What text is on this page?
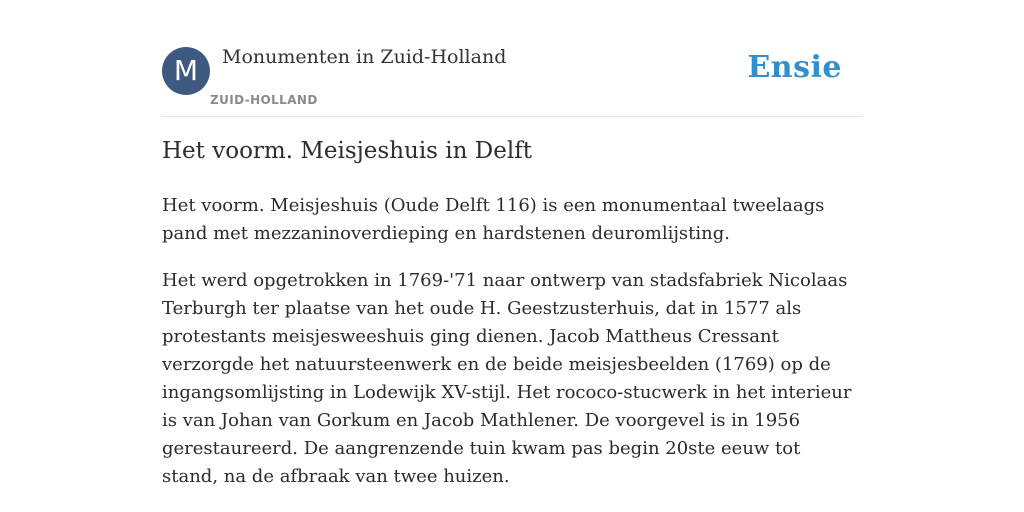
M	Monumenten in Zuid-Holland
ZUID-HOLLAND
Ensie
Het voorm. Meisjeshuis in Delft

Het voorm. Meisjeshuis (Oude Delft 116) is een monumentaal tweelaags pand met mezzaninoverdieping en hardstenen deuromlijsting.

Het werd opgetrokken in 1769-'71 naar ontwerp van stadsfabriek Nicolaas Terburgh ter plaatse van het oude H. Geestzusterhuis, dat in 1577 als protestants meisjesweeshuis ging dienen. Jacob Mattheus Cressant verzorgde het natuursteenwerk en de beide meisjesbeelden (1769) op de ingangsomlijsting in Lodewijk XV-stijl. Het rococo-stucwerk in het interieur is van Johan van Gorkum en Jacob Mathlener. De voorgevel is in 1956 gerestaureerd. De aangrenzende tuin kwam pas begin 20ste eeuw tot stand, na de afbraak van twee huizen.
